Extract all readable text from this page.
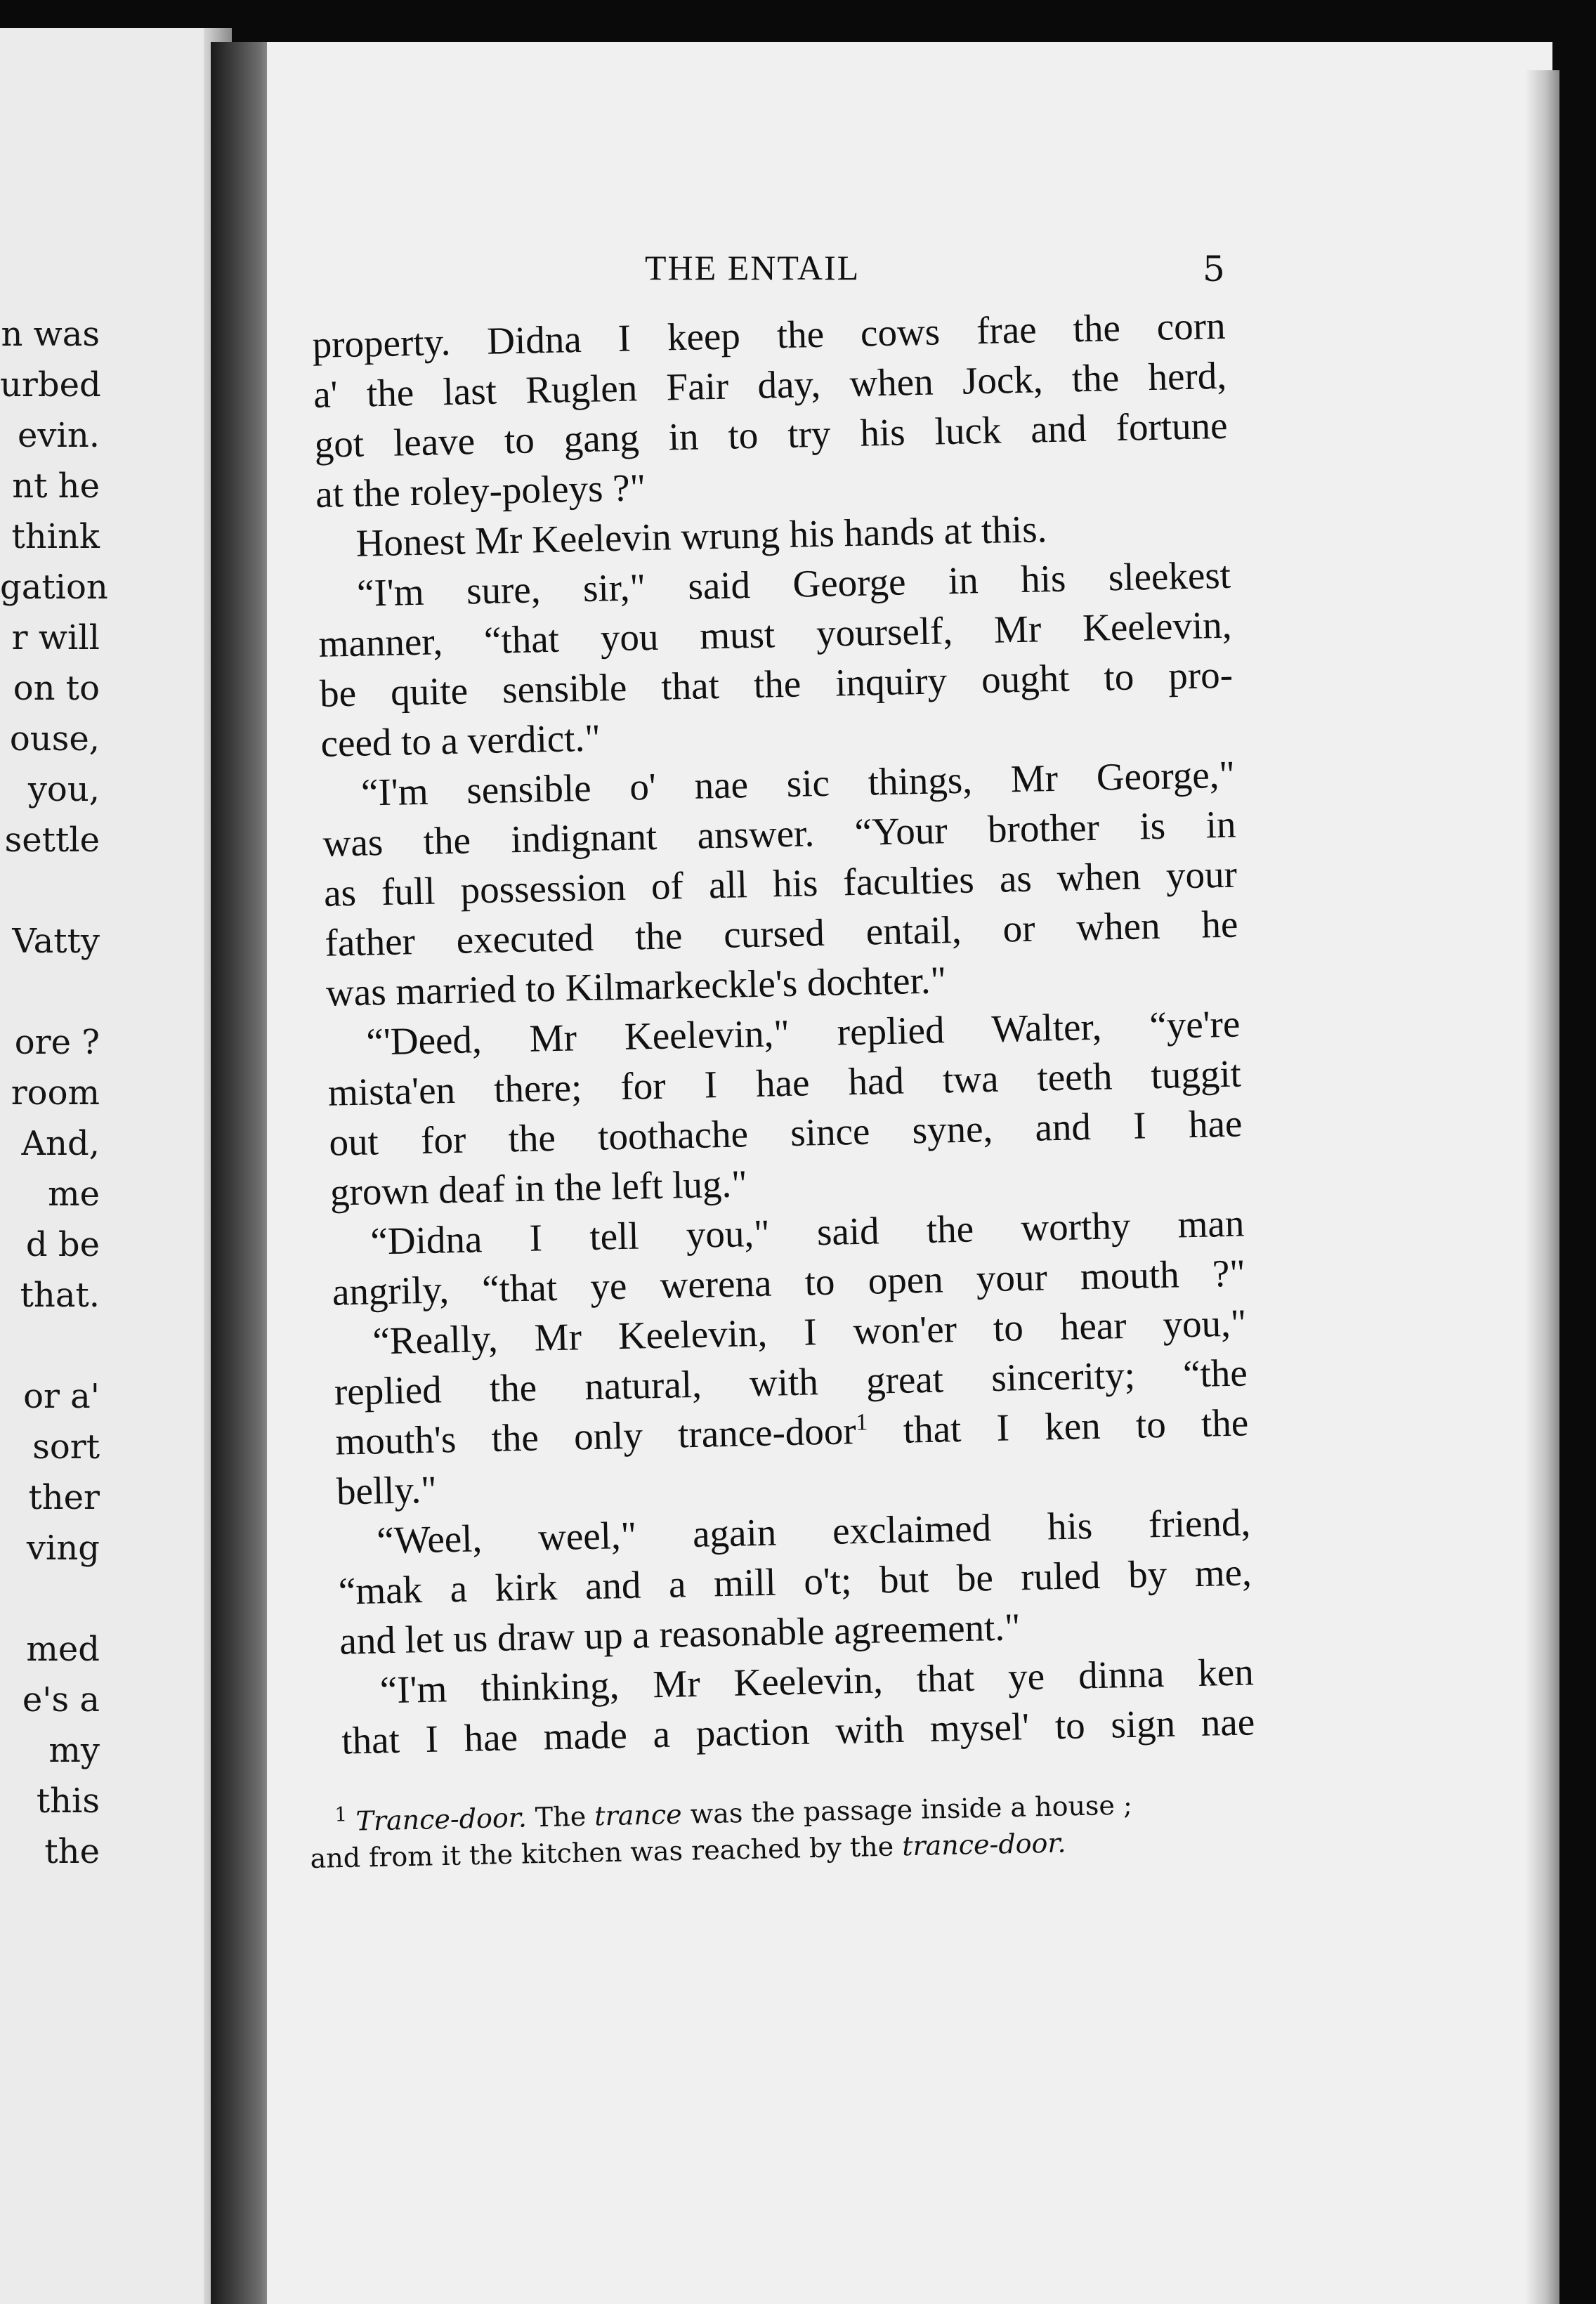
n was
urbed
evin.
nt he
think
gation
r will
on to
ouse,
you,
settle
Vatty
ore ?
room
And,
me
d be
that.
or a'
sort
ther
ving
med
e's a
my
this
the
THE ENTAIL	5
property. Didna I keep the cows frae the corn
a' the last Ruglen Fair day, when Jock, the herd,
got leave to gang in to try his luck and fortune
at the roley-poleys ?"
Honest Mr Keelevin wrung his hands at this.
“I'm sure, sir," said George in his sleekest
manner, “that you must yourself, Mr Keelevin,
be quite sensible that the inquiry ought to pro-
ceed to a verdict."
“I'm sensible o' nae sic things, Mr George,"
was the indignant answer. “Your brother is in
as full possession of all his faculties as when your
father executed the cursed entail, or when he
was married to Kilmarkeckle's dochter."
“'Deed, Mr Keelevin," replied Walter, “ye're
mista'en there; for I hae had twa teeth tuggit
out for the toothache since syne, and I hae
grown deaf in the left lug."
“Didna I tell you," said the worthy man
angrily, “that ye werena to open your mouth ?"
“Really, Mr Keelevin, I won'er to hear you,"
replied the natural, with great sincerity; “the
mouth's the only trance-door$^1$ that I ken to the
belly."
“Weel, weel," again exclaimed his friend,
“mak a kirk and a mill o't; but be ruled by me,
and let us draw up a reasonable agreement."
“I'm thinking, Mr Keelevin, that ye dinna ken
that I hae made a paction with mysel' to sign nae
$^1$ Trance-door. The trance was the passage inside a house ;
and from it the kitchen was reached by the trance-door.
